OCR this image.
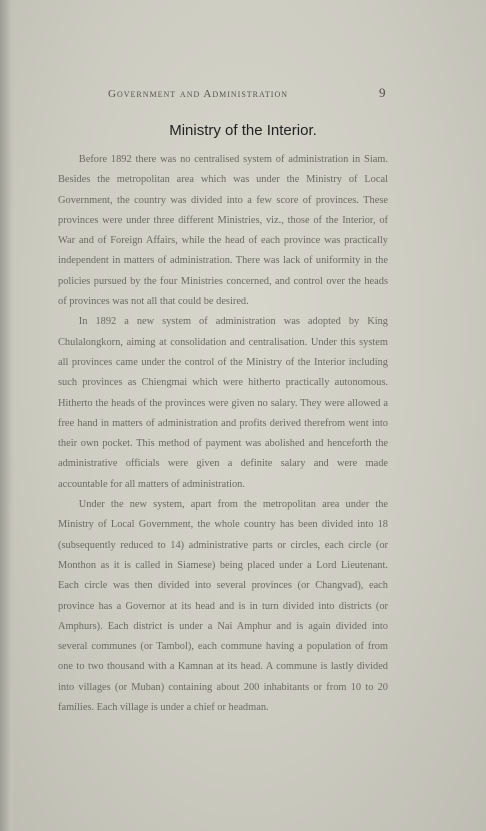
Government and Administration	9
Ministry of the Interior.

Before 1892 there was no centralised system of administration in Siam. Besides the metropolitan area which was under the Ministry of Local Government, the country was divided into a few score of provinces. These provinces were under three different Ministries, viz., those of the Interior, of War and of Foreign Affairs, while the head of each province was practically independent in matters of administration. There was lack of uniformity in the policies pursued by the four Ministries concerned, and control over the heads of provinces was not all that could be desired.

In 1892 a new system of administration was adopted by King Chulalongkorn, aiming at consolidation and centralisation. Under this system all provinces came under the control of the Ministry of the Interior including such provinces as Chiengmai which were hitherto practically autonomous. Hitherto the heads of the provinces were given no salary. They were allowed a free hand in matters of administration and profits derived therefrom went into their own pocket. This method of payment was abolished and henceforth the administrative officials were given a definite salary and were made accountable for all matters of administration.

Under the new system, apart from the metropolitan area under the Ministry of Local Government, the whole country has been divided into 18 (subsequently reduced to 14) administrative parts or circles, each circle (or Monthon as it is called in Siamese) being placed under a Lord Lieutenant. Each circle was then divided into several provinces (or Changvad), each province has a Governor at its head and is in turn divided into districts (or Amphurs). Each district is under a Nai Amphur and is again divided into several communes (or Tambol), each commune having a population of from one to two thousand with a Kamnan at its head. A commune is lastly divided into villages (or Muban) containing about 200 inhabitants or from 10 to 20 families. Each village is under a chief or headman.
